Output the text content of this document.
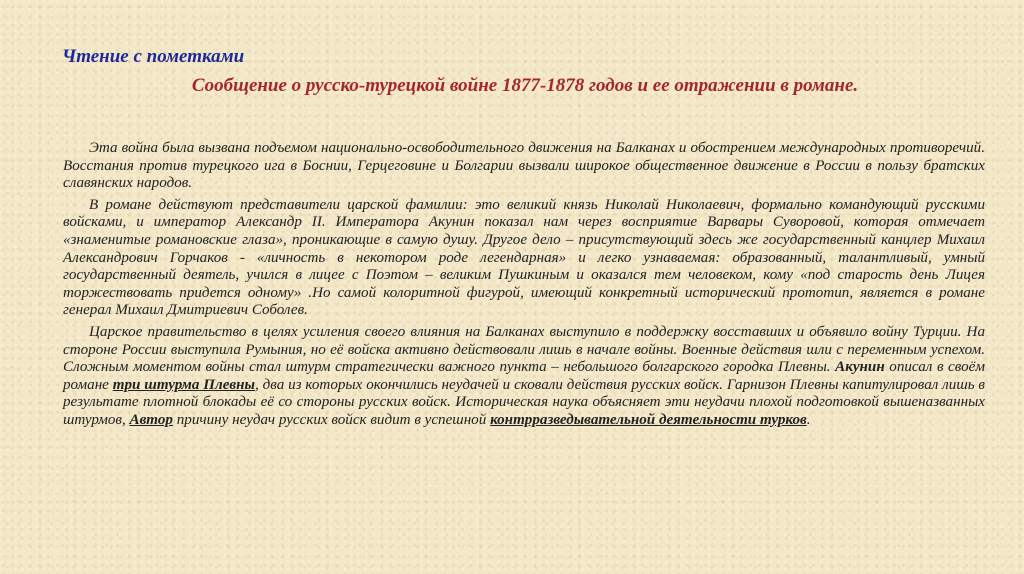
Чтение с пометками
Сообщение о русско-турецкой войне 1877-1878 годов и ее отражении в романе.

Эта война была вызвана подъемом национально-освободительного движения на Балканах и обострением международных противоречий. Восстания против турецкого ига в Боснии, Герцеговине и Болгарии вызвали широкое общественное движение в России в пользу братских славянских народов.

В романе действуют представители царской фамилии: это великий князь Николай Николаевич, формально командующий русскими войсками, и император Александр II. Императора Акунин показал нам через восприятие Варвары Суворовой, которая отмечает «знаменитые романовские глаза», проникающие в самую душу. Другое дело – присутствующий здесь же государственный канцлер Михаил Александрович Горчаков - «личность в некотором роде легендарная» и легко узнаваемая: образованный, талантливый, умный государственный деятель, учился в лицее с Поэтом – великим Пушкиным и оказался тем человеком, кому «под старость день Лицея торжествовать придется одному» .Но самой колоритной фигурой, имеющий конкретный исторический прототип, является в романе генерал Михаил Дмитриевич Соболев.

Царское правительство в целях усиления своего влияния на Балканах выступило в поддержку восставших и объявило войну Турции. На стороне России выступила Румыния, но её войска активно действовали лишь в начале войны. Военные действия шли с переменным успехом. Сложным моментом войны стал штурм стратегически важного пункта – небольшого болгарского городка Плевны. Акунин описал в своём романе три штурма Плевны, два из которых окончились неудачей и сковали действия русских войск. Гарнизон Плевны капитулировал лишь в результате плотной блокады её со стороны русских войск. Историческая наука объясняет эти неудачи плохой подготовкой вышеназванных штурмов, Автор причину неудач русских войск видит в успешной контрразведывательной деятельности турков.
